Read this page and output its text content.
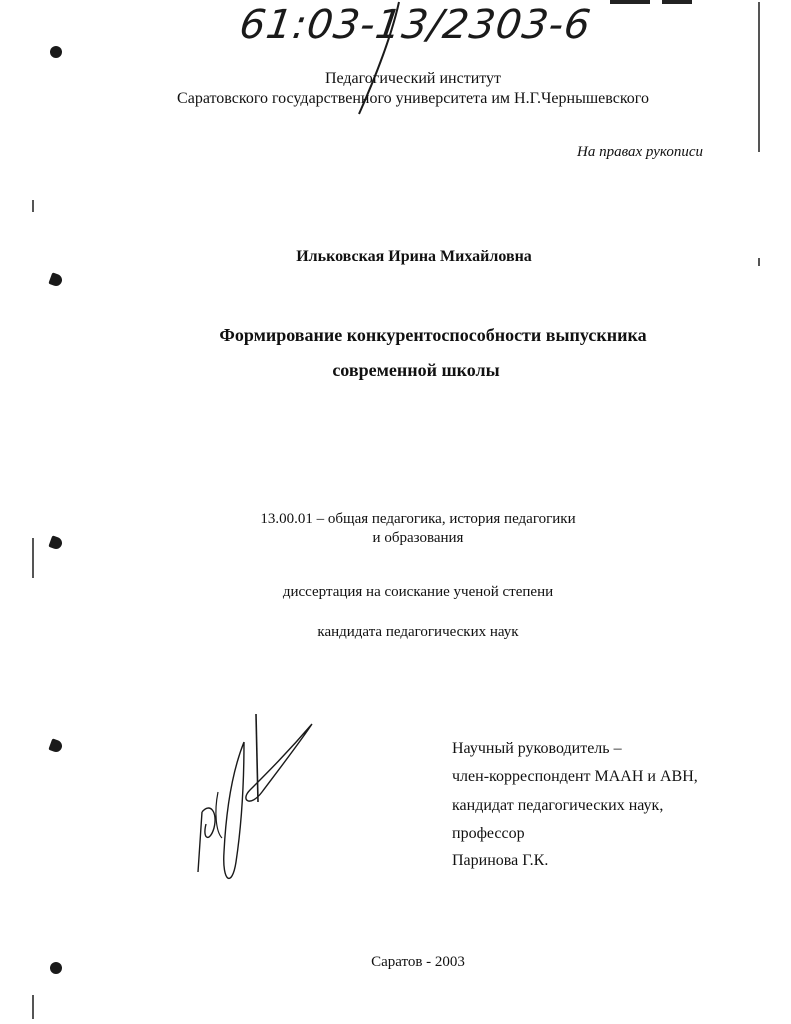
61:03-13/2303-6
Педагогический институт
Саратовского государственного университета им Н.Г.Чернышевского
На правах рукописи
Ильковская Ирина Михайловна
Формирование конкурентоспособности выпускника
современной школы
13.00.01 – общая педагогика, история педагогики
и образования
диссертация на соискание ученой степени
кандидата педагогических наук
Научный руководитель –
член-корреспондент МААН и АВН,
кандидат педагогических наук,
профессор
Паринова Г.К.
Саратов - 2003
